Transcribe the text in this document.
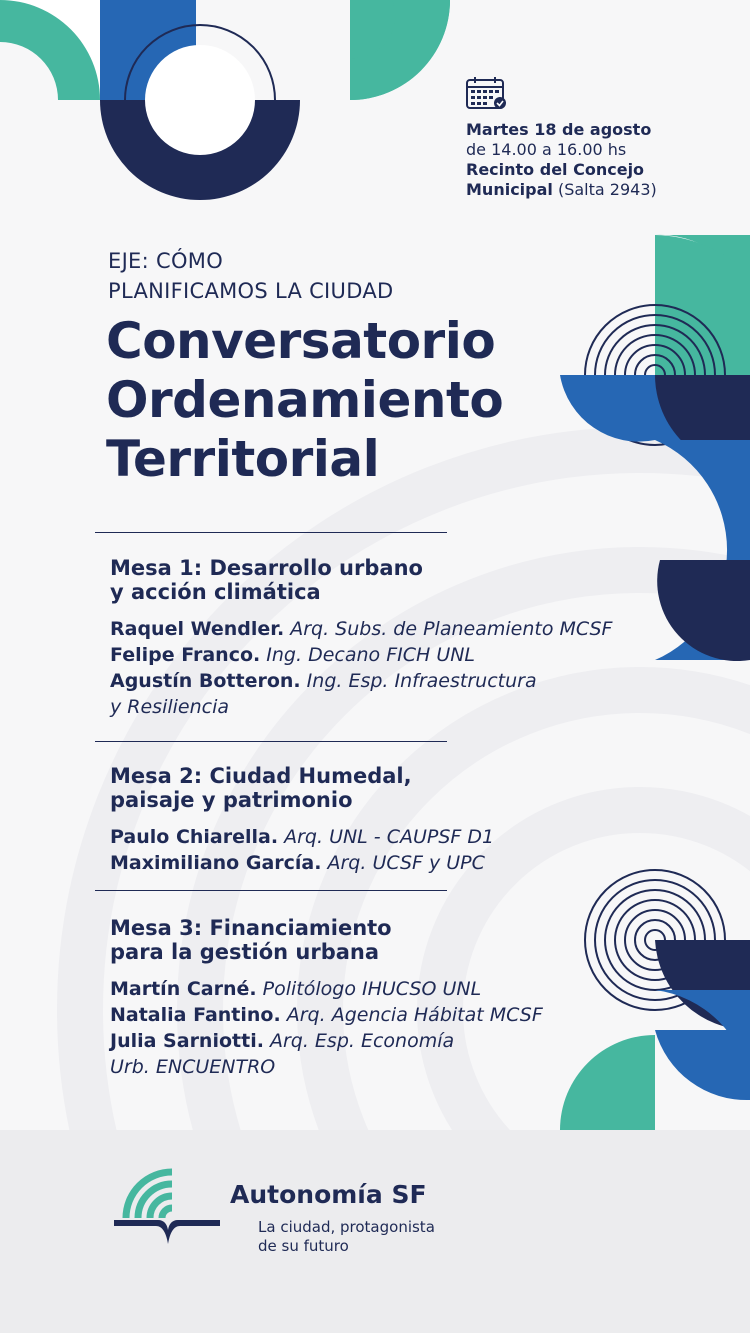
Martes 18 de agosto
de 14.00 a 16.00 hs
Recinto del Concejo
Municipal (Salta 2943)
EJE: CÓMO
PLANIFICAMOS LA CIUDAD
Conversatorio
Ordenamiento
Territorial
Mesa 1: Desarrollo urbano
y acción climática
Raquel Wendler. Arq. Subs. de Planeamiento MCSF
Felipe Franco. Ing. Decano FICH UNL
Agustín Botteron. Ing. Esp. Infraestructura
y Resiliencia
Mesa 2: Ciudad Humedal,
paisaje y patrimonio
Paulo Chiarella. Arq. UNL - CAUPSF D1
Maximiliano García. Arq. UCSF y UPC
Mesa 3: Financiamiento
para la gestión urbana
Martín Carné. Politólogo IHUCSO UNL
Natalia Fantino. Arq. Agencia Hábitat MCSF
Julia Sarniotti. Arq. Esp. Economía
Urb. ENCUENTRO
Autonomía SF
La ciudad, protagonista
de su futuro
